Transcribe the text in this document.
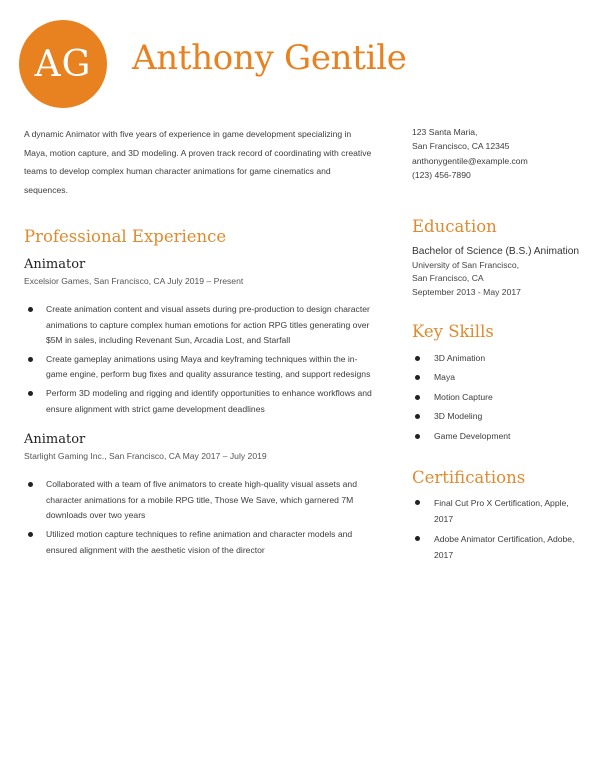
AG Anthony Gentile
A dynamic Animator with five years of experience in game development specializing in Maya, motion capture, and 3D modeling. A proven track record of coordinating with creative teams to develop complex human character animations for game cinematics and sequences.
Professional Experience
Animator
Excelsior Games, San Francisco, CA July 2019 – Present
Create animation content and visual assets during pre-production to design character animations to capture complex human emotions for action RPG titles generating over $5M in sales, including Revenant Sun, Arcadia Lost, and Starfall
Create gameplay animations using Maya and keyframing techniques within the in-game engine, perform bug fixes and quality assurance testing, and support redesigns
Perform 3D modeling and rigging and identify opportunities to enhance workflows and ensure alignment with strict game development deadlines
Animator
Starlight Gaming Inc., San Francisco, CA May 2017 – July 2019
Collaborated with a team of five animators to create high-quality visual assets and character animations for a mobile RPG title, Those We Save, which garnered 7M downloads over two years
Utilized motion capture techniques to refine animation and character models and ensured alignment with the aesthetic vision of the director
123 Santa Maria,
San Francisco, CA 12345
anthonygentile@example.com
(123) 456-7890
Education
Bachelor of Science (B.S.) Animation
University of San Francisco,
San Francisco, CA
September 2013 - May 2017
Key Skills
3D Animation
Maya
Motion Capture
3D Modeling
Game Development
Certifications
Final Cut Pro X Certification, Apple, 2017
Adobe Animator Certification, Adobe, 2017
